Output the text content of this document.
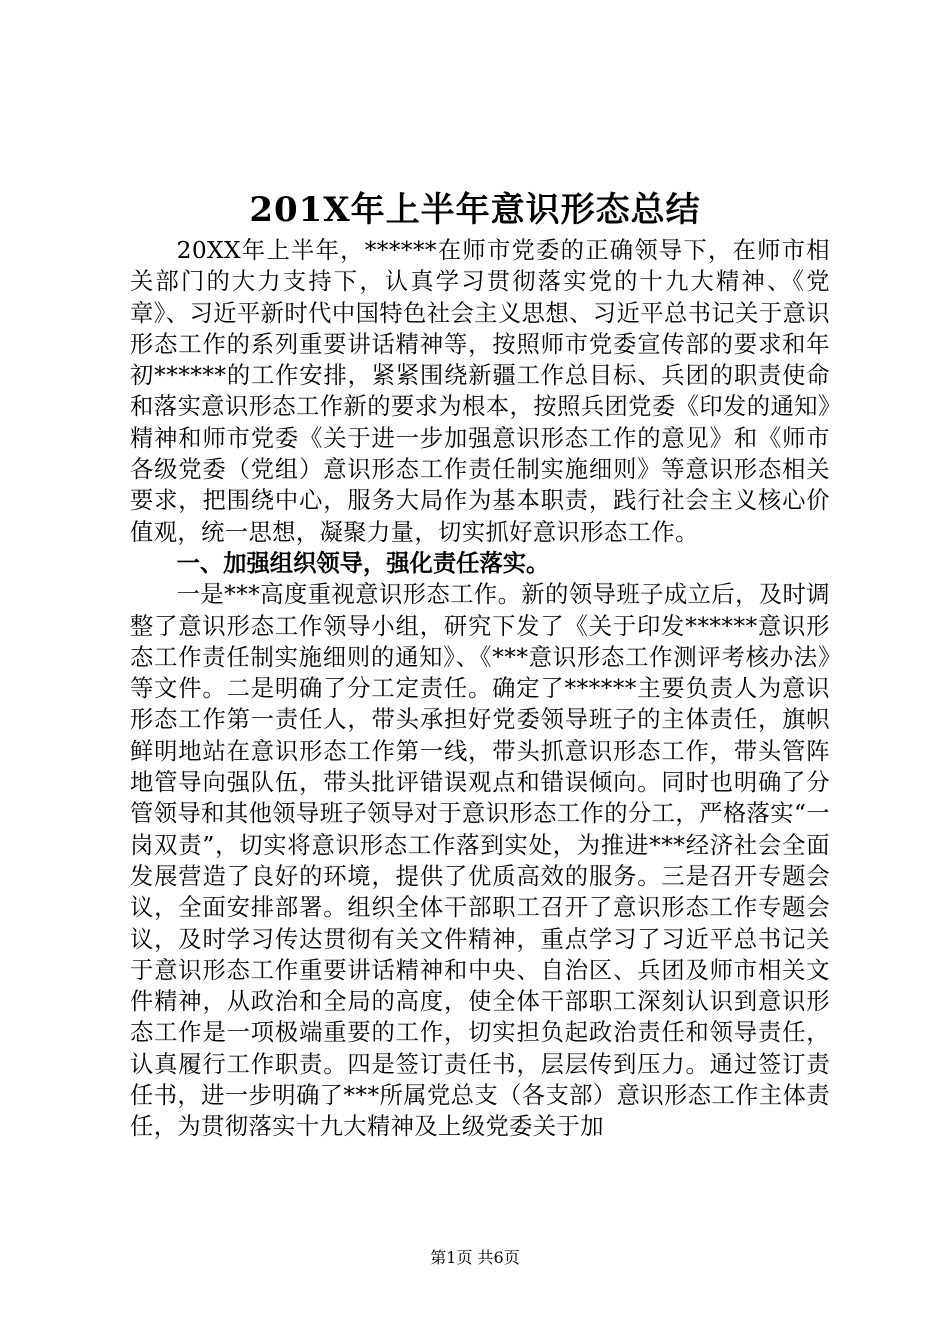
201X年上半年意识形态总结

20XX年上半年，******在师市党委的正确领导下，在师市相关部门的大力支持下，认真学习贯彻落实党的十九大精神、《党章》、习近平新时代中国特色社会主义思想、习近平总书记关于意识形态工作的系列重要讲话精神等，按照师市党委宣传部的要求和年初******的工作安排，紧紧围绕新疆工作总目标、兵团的职责使命和落实意识形态工作新的要求为根本，按照兵团党委《印发的通知》精神和师市党委《关于进一步加强意识形态工作的意见》和《师市各级党委（党组）意识形态工作责任制实施细则》等意识形态相关要求，把围绕中心，服务大局作为基本职责，践行社会主义核心价值观，统一思想，凝聚力量，切实抓好意识形态工作。

一、加强组织领导，强化责任落实。

一是***高度重视意识形态工作。新的领导班子成立后，及时调整了意识形态工作领导小组，研究下发了《关于印发******意识形态工作责任制实施细则的通知》、《***意识形态工作测评考核办法》等文件。二是明确了分工定责任。确定了******主要负责人为意识形态工作第一责任人，带头承担好党委领导班子的主体责任，旗帜鲜明地站在意识形态工作第一线，带头抓意识形态工作，带头管阵地管导向强队伍，带头批评错误观点和错误倾向。同时也明确了分管领导和其他领导班子领导对于意识形态工作的分工，严格落实“一岗双责”，切实将意识形态工作落到实处，为推进***经济社会全面发展营造了良好的环境，提供了优质高效的服务。三是召开专题会议，全面安排部署。组织全体干部职工召开了意识形态工作专题会议，及时学习传达贯彻有关文件精神，重点学习了习近平总书记关于意识形态工作重要讲话精神和中央、自治区、兵团及师市相关文件精神，从政治和全局的高度，使全体干部职工深刻认识到意识形态工作是一项极端重要的工作，切实担负起政治责任和领导责任，认真履行工作职责。四是签订责任书，层层传到压力。通过签订责任书，进一步明确了***所属党总支（各支部）意识形态工作主体责任，为贯彻落实十九大精神及上级党委关于加

第1页 共6页
